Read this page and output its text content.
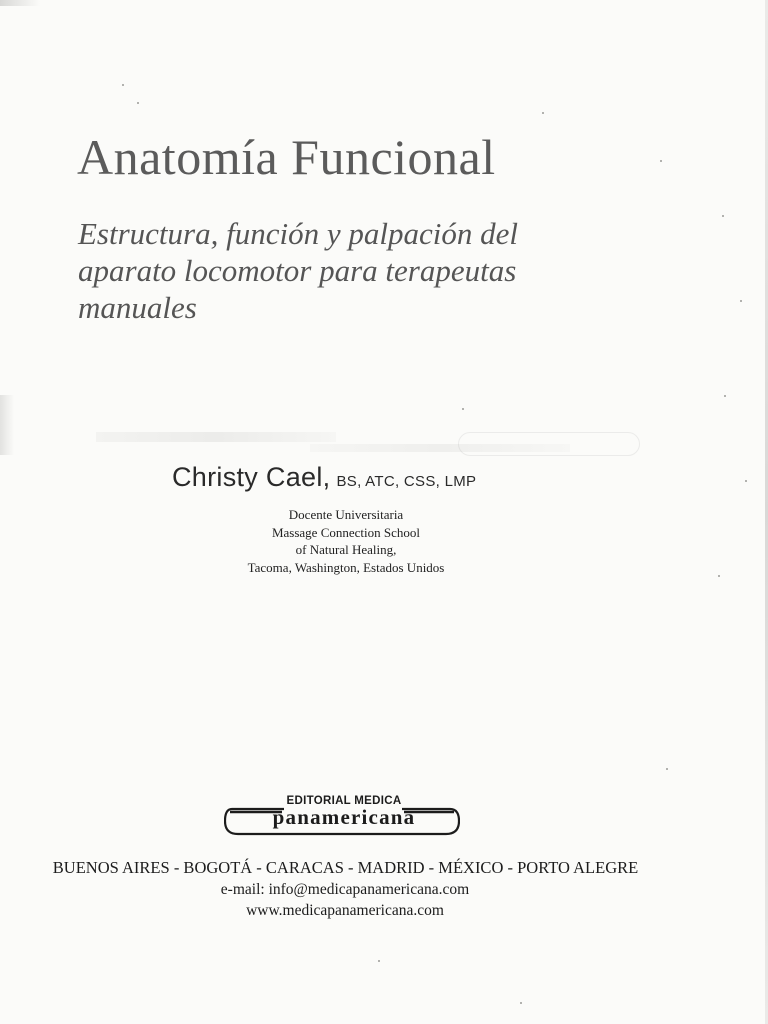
Anatomía Funcional
Estructura, función y palpación del
aparato locomotor para terapeutas
manuales

Christy Cael, BS, ATC, CSS, LMP

Docente Universitaria
Massage Connection School
of Natural Healing,
Tacoma, Washington, Estados Unidos
EDITORIAL MEDICA
panamericana

BUENOS AIRES - BOGOTÁ - CARACAS - MADRID - MÉXICO - PORTO ALEGRE

e-mail: info@medicapanamericana.com
www.medicapanamericana.com
